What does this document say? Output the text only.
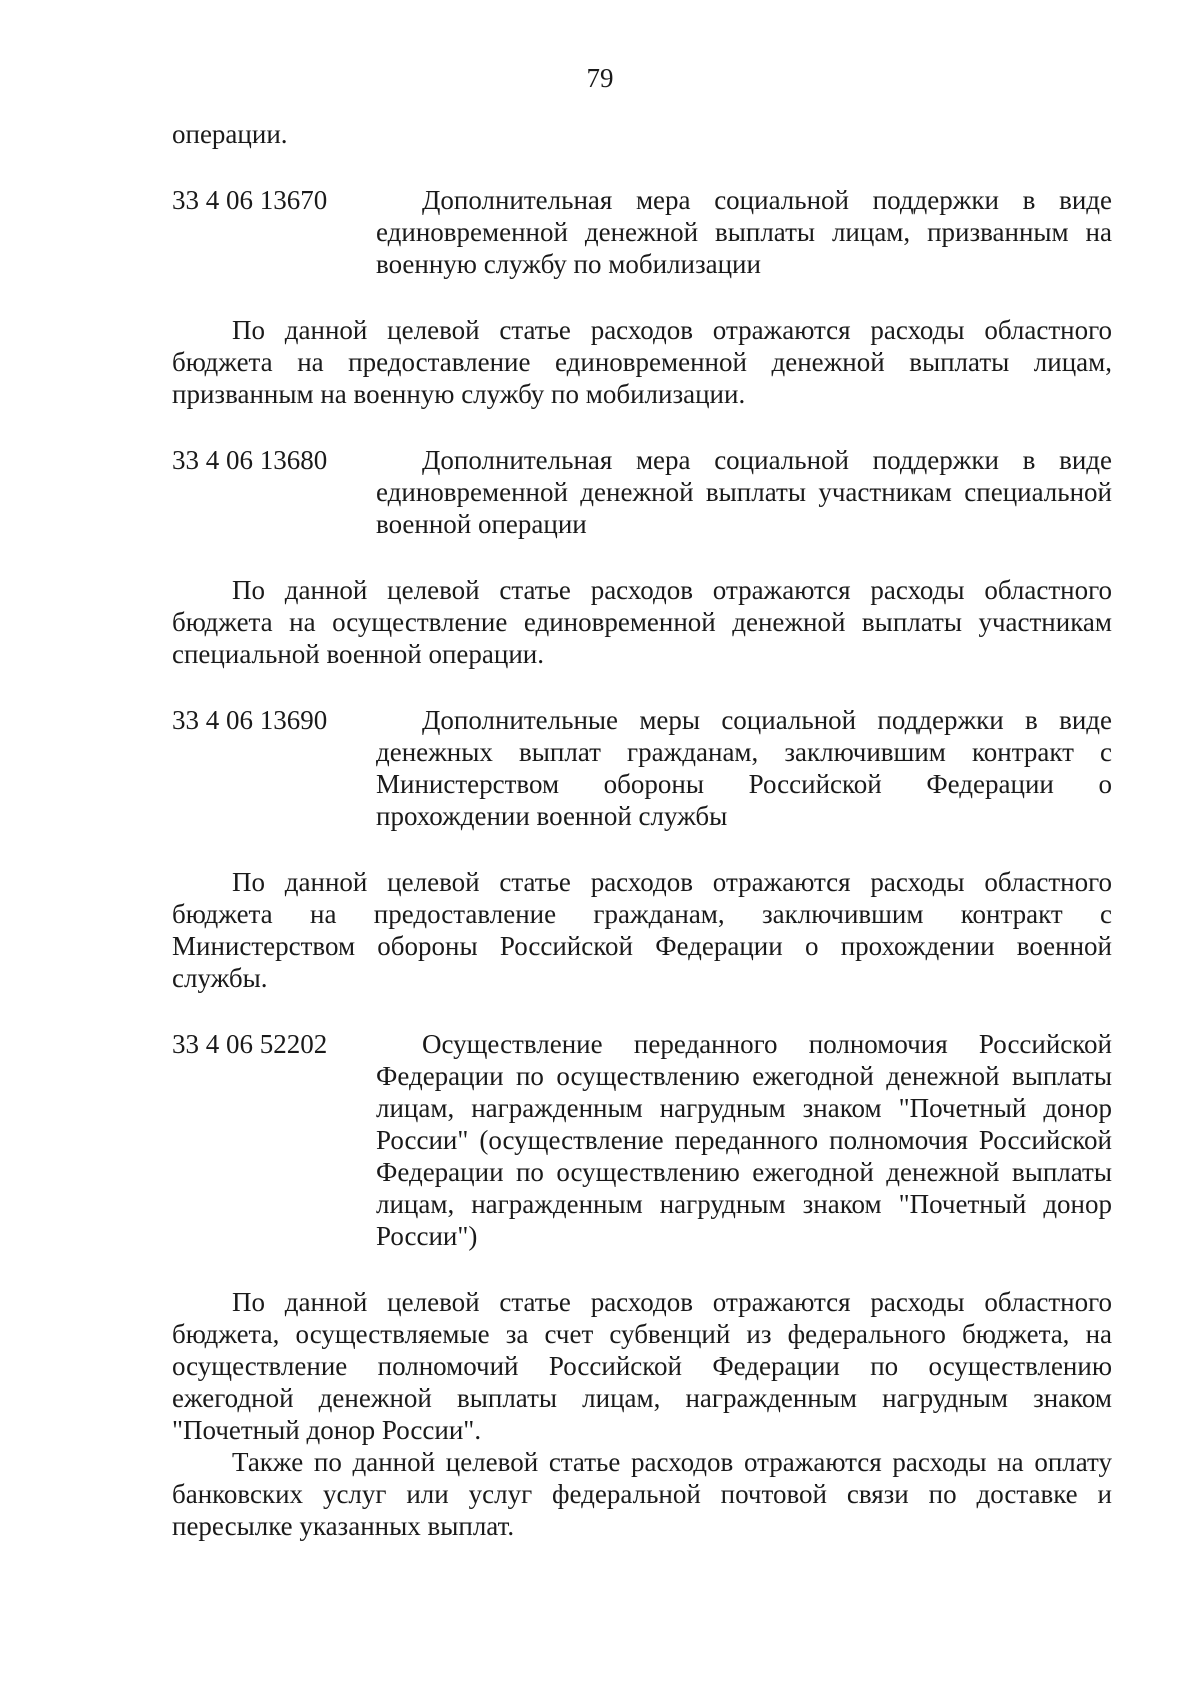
79
операции.
33 4 06 13670	Дополнительная мера социальной поддержки в виде единовременной денежной выплаты лицам, призванным на военную службу по мобилизации

По данной целевой статье расходов отражаются расходы областного бюджета на предоставление единовременной денежной выплаты лицам, призванным на военную службу по мобилизации.

33 4 06 13680	Дополнительная мера социальной поддержки в виде единовременной денежной выплаты участникам специальной военной операции

По данной целевой статье расходов отражаются расходы областного бюджета на осуществление единовременной денежной выплаты участникам специальной военной операции.

33 4 06 13690	Дополнительные меры социальной поддержки в виде денежных выплат гражданам, заключившим контракт с Министерством обороны Российской Федерации о прохождении военной службы

По данной целевой статье расходов отражаются расходы областного бюджета на предоставление гражданам, заключившим контракт с Министерством обороны Российской Федерации о прохождении военной службы.

33 4 06 52202	Осуществление переданного полномочия Российской Федерации по осуществлению ежегодной денежной выплаты лицам, награжденным нагрудным знаком "Почетный донор России" (осуществление переданного полномочия Российской Федерации по осуществлению ежегодной денежной выплаты лицам, награжденным нагрудным знаком "Почетный донор России")

По данной целевой статье расходов отражаются расходы областного бюджета, осуществляемые за счет субвенций из федерального бюджета, на осуществление полномочий Российской Федерации по осуществлению ежегодной денежной выплаты лицам, награжденным нагрудным знаком "Почетный донор России".

Также по данной целевой статье расходов отражаются расходы на оплату банковских услуг или услуг федеральной почтовой связи по доставке и пересылке указанных выплат.
